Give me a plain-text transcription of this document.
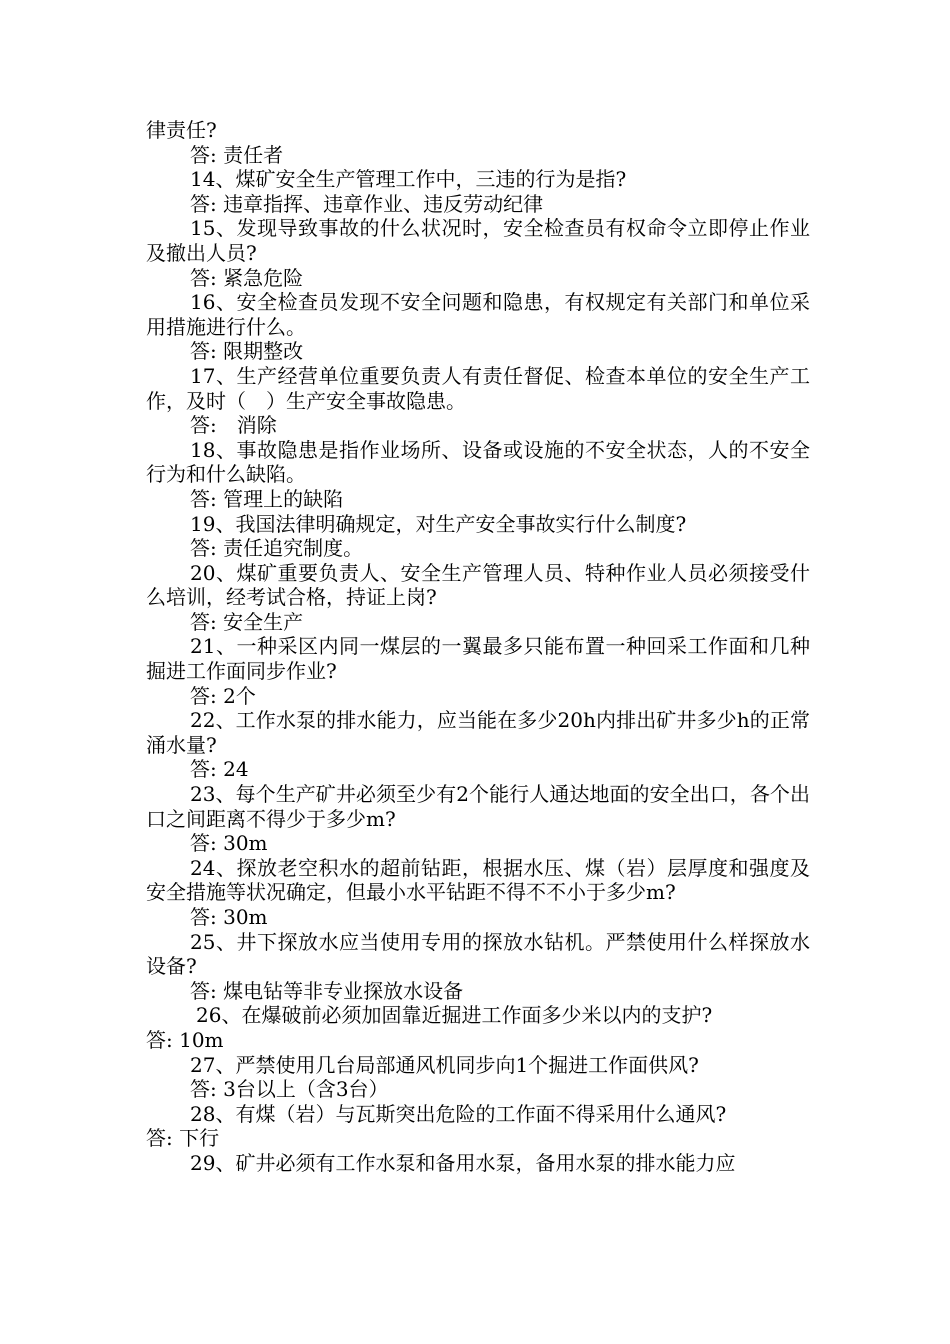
律责任?

答: 责任者

14、煤矿安全生产管理工作中，三违的行为是指?

答: 违章指挥、违章作业、违反劳动纪律

15、发现导致事故的什么状况时，安全检查员有权命令立即停止作业及撤出人员?

答: 紧急危险

16、安全检查员发现不安全问题和隐患，有权规定有关部门和单位采用措施进行什么。

答: 限期整改

17、生产经营单位重要负责人有责任督促、检查本单位的安全生产工作，及时（　）生产安全事故隐患。

答:　消除

18、事故隐患是指作业场所、设备或设施的不安全状态，人的不安全行为和什么缺陷。

答: 管理上的缺陷

19、我国法律明确规定，对生产安全事故实行什么制度?

答: 责任追究制度。

20、煤矿重要负责人、安全生产管理人员、特种作业人员必须接受什么培训，经考试合格，持证上岗?

答: 安全生产

21、一种采区内同一煤层的一翼最多只能布置一种回采工作面和几种掘进工作面同步作业?

答: 2个

22、工作水泵的排水能力，应当能在多少20h内排出矿井多少h的正常涌水量?

答: 24

23、每个生产矿井必须至少有2个能行人通达地面的安全出口，各个出口之间距离不得少于多少m?

答: 30m

24、探放老空积水的超前钻距，根据水压、煤（岩）层厚度和强度及安全措施等状况确定，但最小水平钻距不得不不小于多少m?

答: 30m

25、井下探放水应当使用专用的探放水钻机。严禁使用什么样探放水设备?

答: 煤电钻等非专业探放水设备

26、在爆破前必须加固靠近掘进工作面多少米以内的支护?

答: 10m

27、严禁使用几台局部通风机同步向1个掘进工作面供风?

答: 3台以上（含3台）

28、有煤（岩）与瓦斯突出危险的工作面不得采用什么通风?

答: 下行

29、矿井必须有工作水泵和备用水泵，备用水泵的排水能力应
